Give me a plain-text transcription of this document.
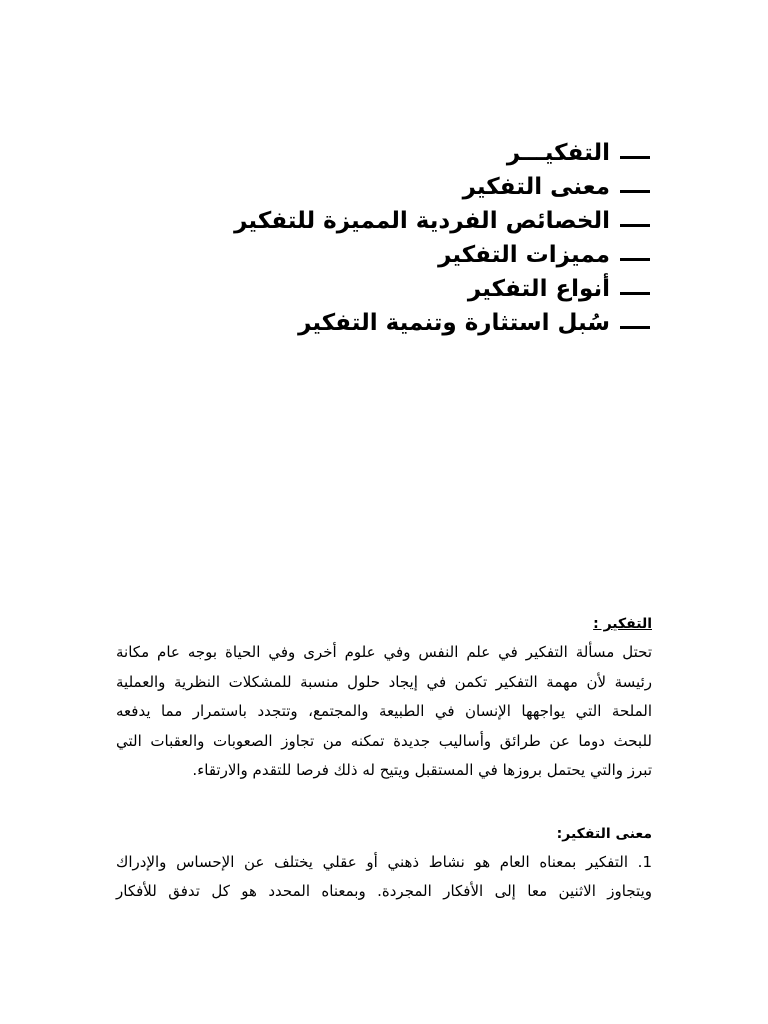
التفكيـــر
معنى التفكير
الخصائص الفردية المميزة للتفكير
مميزات التفكير
أنواع التفكير
سُبل استثارة وتنمية التفكير
التفكير :
تحتل مسألة التفكير في علم النفس وفي علوم أخرى وفي الحياة بوجه عام مكانة
رئيسة لأن مهمة التفكير تكمن في إيجاد حلول منسبة للمشكلات النظرية والعملية
الملحة التي يواجهها الإنسان في الطبيعة والمجتمع، وتتجدد باستمرار مما يدفعه
للبحث دوما عن طرائق وأساليب جديدة تمكنه من تجاوز الصعوبات والعقبات التي
تبرز والتي يحتمل بروزها في المستقبل ويتيح له ذلك فرصا للتقدم والارتقاء.
معنى التفكير:
1. التفكير بمعناه العام هو نشاط ذهني أو عقلي يختلف عن الإحساس والإدراك
ويتجاوز الاثنين معا إلى الأفكار المجردة. وبمعناه المحدد هو كل تدفق للأفكار
